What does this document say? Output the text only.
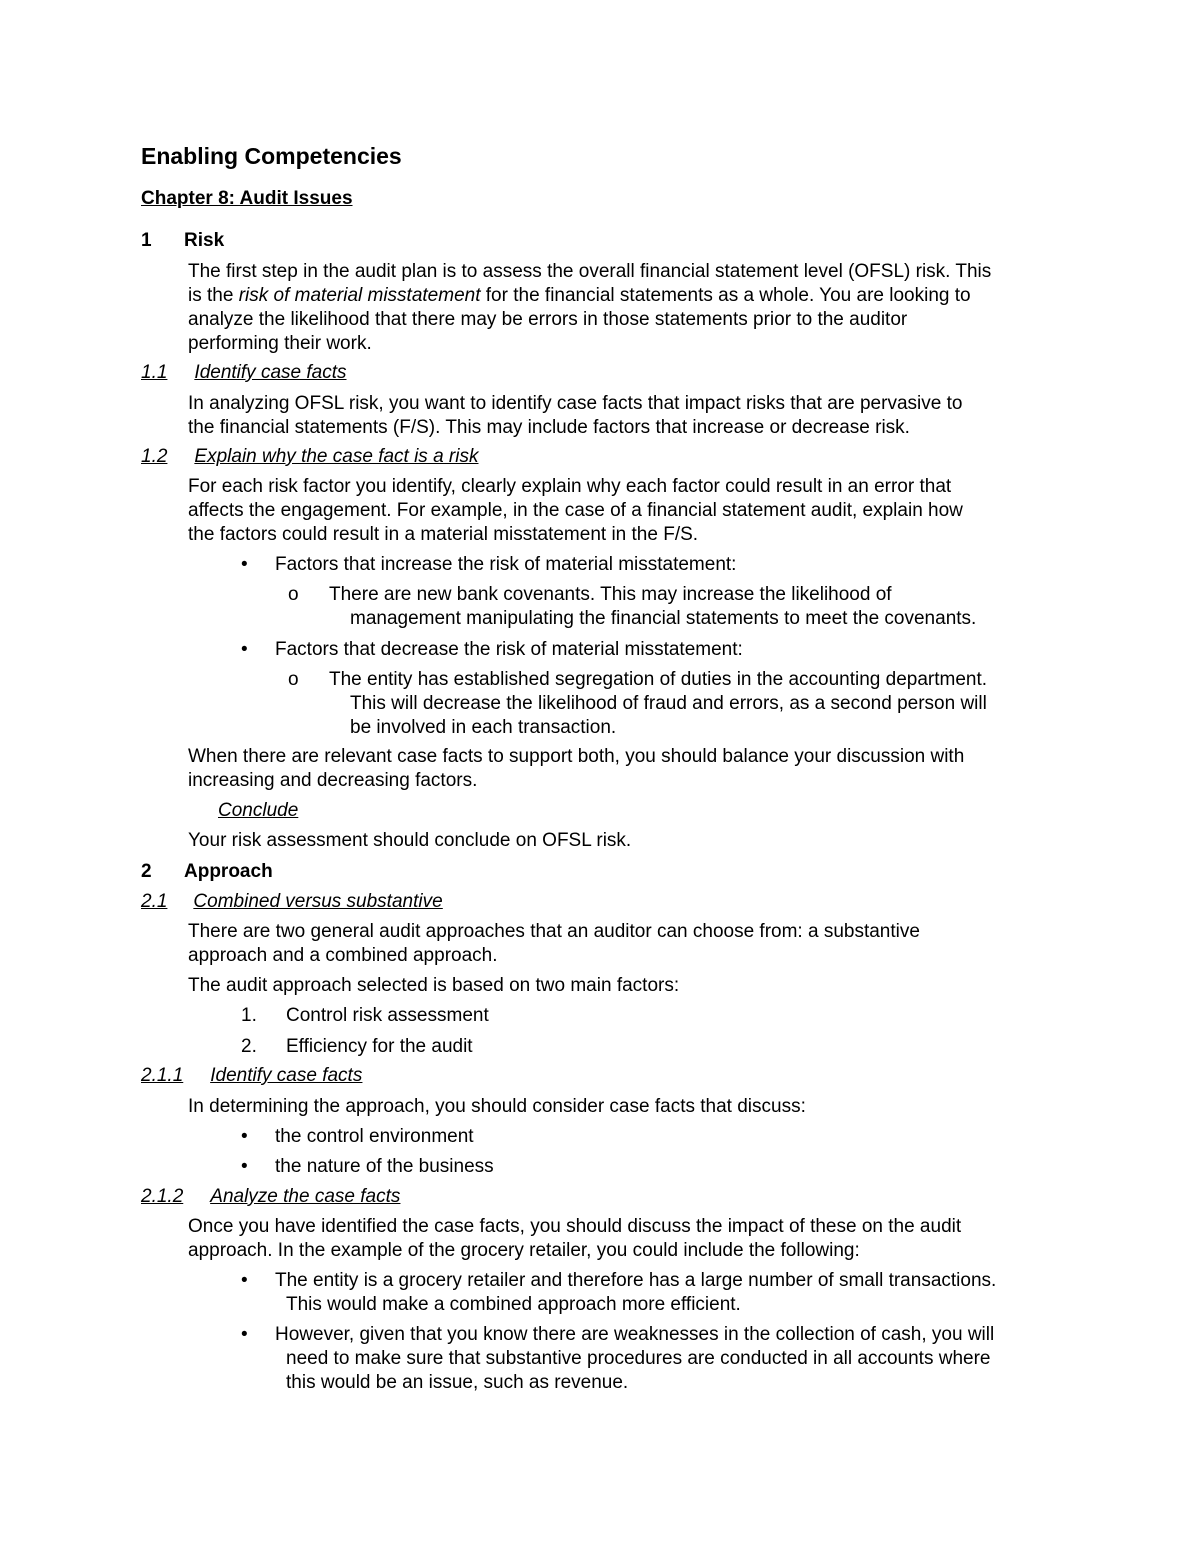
Enabling Competencies
Chapter 8: Audit Issues
1 Risk
The first step in the audit plan is to assess the overall financial statement level (OFSL) risk. This
is the risk of material misstatement for the financial statements as a whole. You are looking to
analyze the likelihood that there may be errors in those statements prior to the auditor
performing their work.
1.1 Identify case facts
In analyzing OFSL risk, you want to identify case facts that impact risks that are pervasive to
the financial statements (F/S). This may include factors that increase or decrease risk.
1.2 Explain why the case fact is a risk
For each risk factor you identify, clearly explain why each factor could result in an error that
affects the engagement. For example, in the case of a financial statement audit, explain how
the factors could result in a material misstatement in the F/S.
• Factors that increase the risk of material misstatement:
o There are new bank covenants. This may increase the likelihood of
management manipulating the financial statements to meet the covenants.
• Factors that decrease the risk of material misstatement:
o The entity has established segregation of duties in the accounting department.
This will decrease the likelihood of fraud and errors, as a second person will
be involved in each transaction.
When there are relevant case facts to support both, you should balance your discussion with
increasing and decreasing factors.
Conclude
Your risk assessment should conclude on OFSL risk.
2 Approach
2.1 Combined versus substantive
There are two general audit approaches that an auditor can choose from: a substantive
approach and a combined approach.
The audit approach selected is based on two main factors:
1. Control risk assessment
2. Efficiency for the audit
2.1.1 Identify case facts
In determining the approach, you should consider case facts that discuss:
• the control environment
• the nature of the business
2.1.2 Analyze the case facts
Once you have identified the case facts, you should discuss the impact of these on the audit
approach. In the example of the grocery retailer, you could include the following:
• The entity is a grocery retailer and therefore has a large number of small transactions.
This would make a combined approach more efficient.
• However, given that you know there are weaknesses in the collection of cash, you will
need to make sure that substantive procedures are conducted in all accounts where
this would be an issue, such as revenue.
